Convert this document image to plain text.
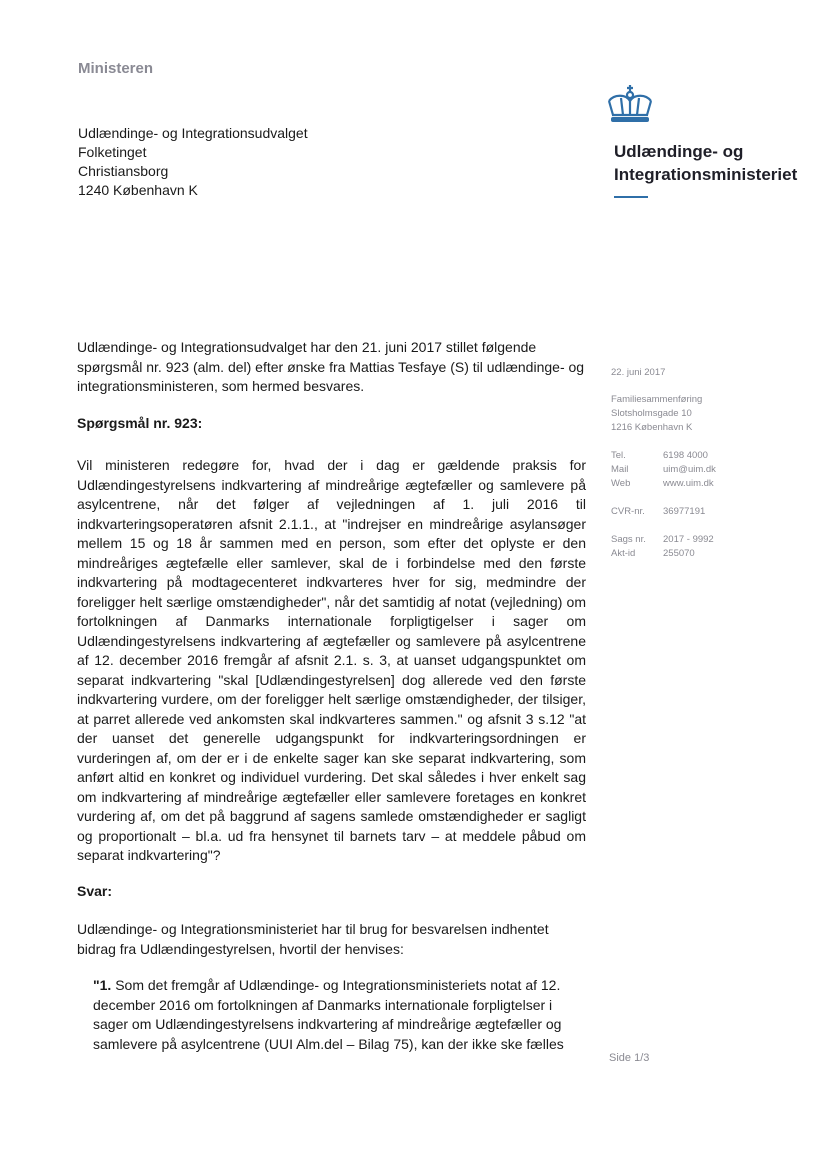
Ministeren
Udlændinge- og Integrationsudvalget
Folketinget
Christiansborg
1240 København K
Udlændinge- og
Integrationsministeriet
22. juni 2017
Familiesammenføring
Slotsholmsgade 10
1216 København K
Tel.	6198 4000
Mail	uim@uim.dk
Web	www.uim.dk
CVR-nr.	36977191
Sags nr.	2017 - 9992
Akt-id	255070
Udlændinge- og Integrationsudvalget har den 21. juni 2017 stillet følgende spørgsmål nr. 923 (alm. del) efter ønske fra Mattias Tesfaye (S) til udlændinge- og integrationsministeren, som hermed besvares.
Spørgsmål nr. 923:
Vil ministeren redegøre for, hvad der i dag er gældende praksis for Udlændingestyrelsens indkvartering af mindreårige ægtefæller og samlevere på asylcentrene, når det følger af vejledningen af 1. juli 2016 til indkvarteringsoperatøren afsnit 2.1.1., at "indrejser en mindreårige asylansøger mellem 15 og 18 år sammen med en person, som efter det oplyste er den mindreåriges ægtefælle eller samlever, skal de i forbindelse med den første indkvartering på modtagecenteret indkvarteres hver for sig, medmindre der foreligger helt særlige omstændigheder", når det samtidig af notat (vejledning) om fortolkningen af Danmarks internationale forpligtigelser i sager om Udlændingestyrelsens indkvartering af ægtefæller og samlevere på asylcentrene af 12. december 2016 fremgår af afsnit 2.1. s. 3, at uanset udgangspunktet om separat indkvartering "skal [Udlændingestyrelsen] dog allerede ved den første indkvartering vurdere, om der foreligger helt særlige omstændigheder, der tilsiger, at parret allerede ved ankomsten skal indkvarteres sammen." og afsnit 3 s.12 "at der uanset det generelle udgangspunkt for indkvarteringsordningen er vurderingen af, om der er i de enkelte sager kan ske separat indkvartering, som anført altid en konkret og individuel vurdering. Det skal således i hver enkelt sag om indkvartering af mindreårige ægtefæller eller samlevere foretages en konkret vurdering af, om det på baggrund af sagens samlede omstændigheder er sagligt og proportionalt – bl.a. ud fra hensynet til barnets tarv – at meddele påbud om separat indkvartering"?
Svar:
Udlændinge- og Integrationsministeriet har til brug for besvarelsen indhentet bidrag fra Udlændingestyrelsen, hvortil der henvises:
"1. Som det fremgår af Udlændinge- og Integrationsministeriets notat af 12. december 2016 om fortolkningen af Danmarks internationale forpligtelser i sager om Udlændingestyrelsens indkvartering af mindreårige ægtefæller og samlevere på asylcentrene (UUI Alm.del – Bilag 75), kan der ikke ske fælles
Side 1/3
